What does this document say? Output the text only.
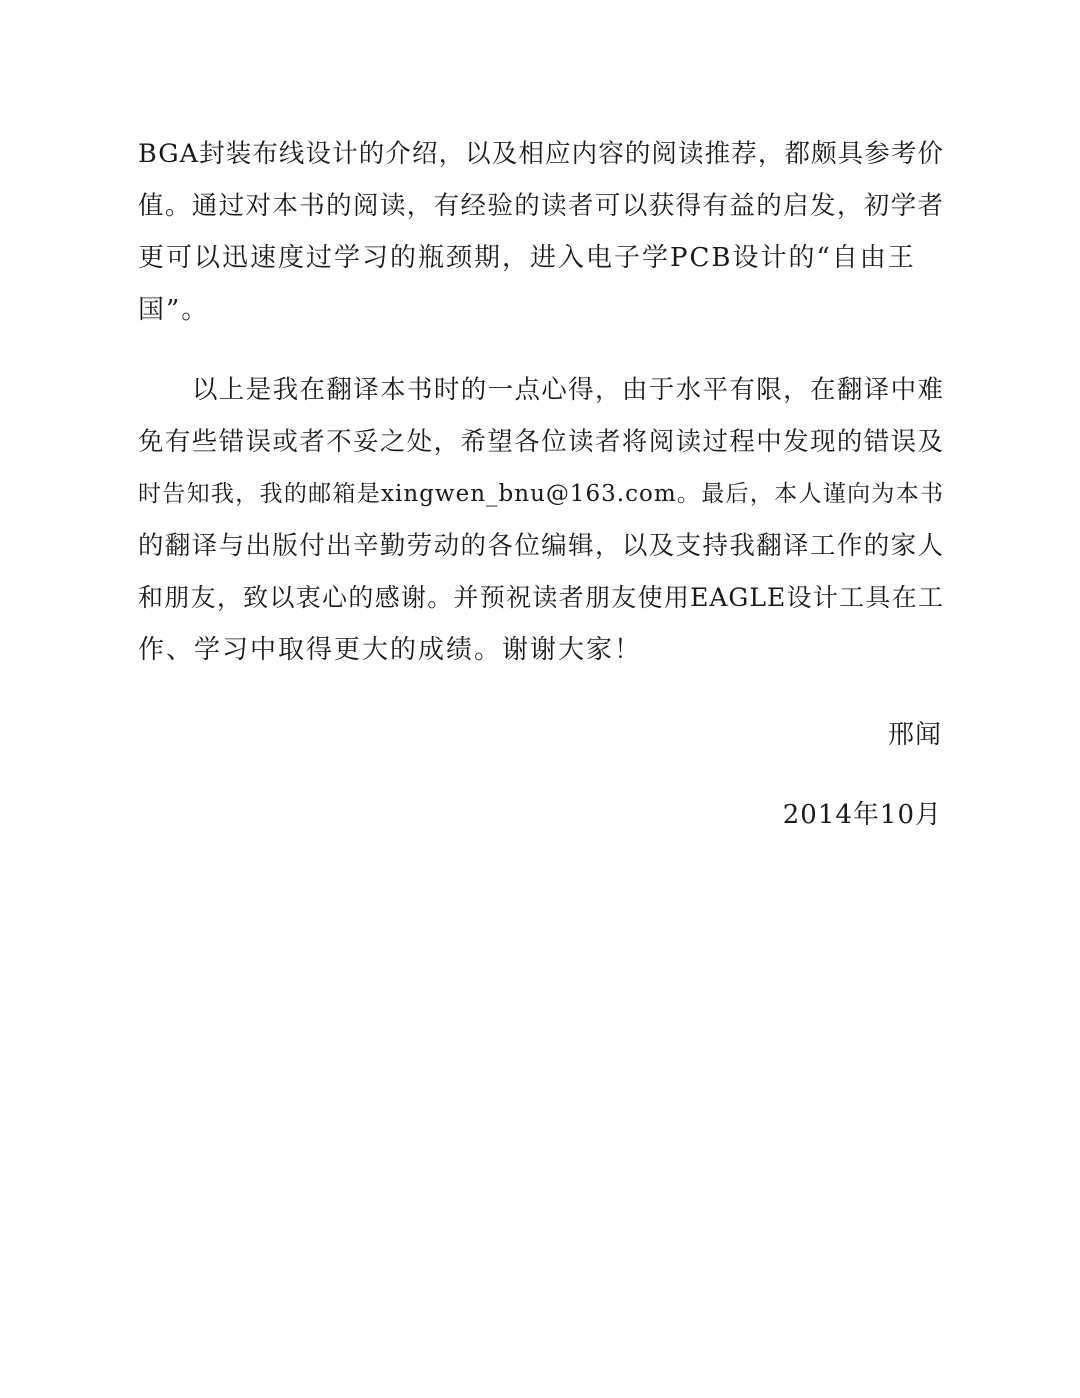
BGA封装布线设计的介绍，以及相应内容的阅读推荐，都颇具参考价
值。通过对本书的阅读，有经验的读者可以获得有益的启发，初学者
更可以迅速度过学习的瓶颈期，进入电子学PCB设计的“自由王
国”。
以上是我在翻译本书时的一点心得，由于水平有限，在翻译中难
免有些错误或者不妥之处，希望各位读者将阅读过程中发现的错误及
时告知我，我的邮箱是xingwen_bnu@163.com。最后，本人谨向为本书
的翻译与出版付出辛勤劳动的各位编辑，以及支持我翻译工作的家人
和朋友，致以衷心的感谢。并预祝读者朋友使用EAGLE设计工具在工
作、学习中取得更大的成绩。谢谢大家！
邢闻
2014年10月
